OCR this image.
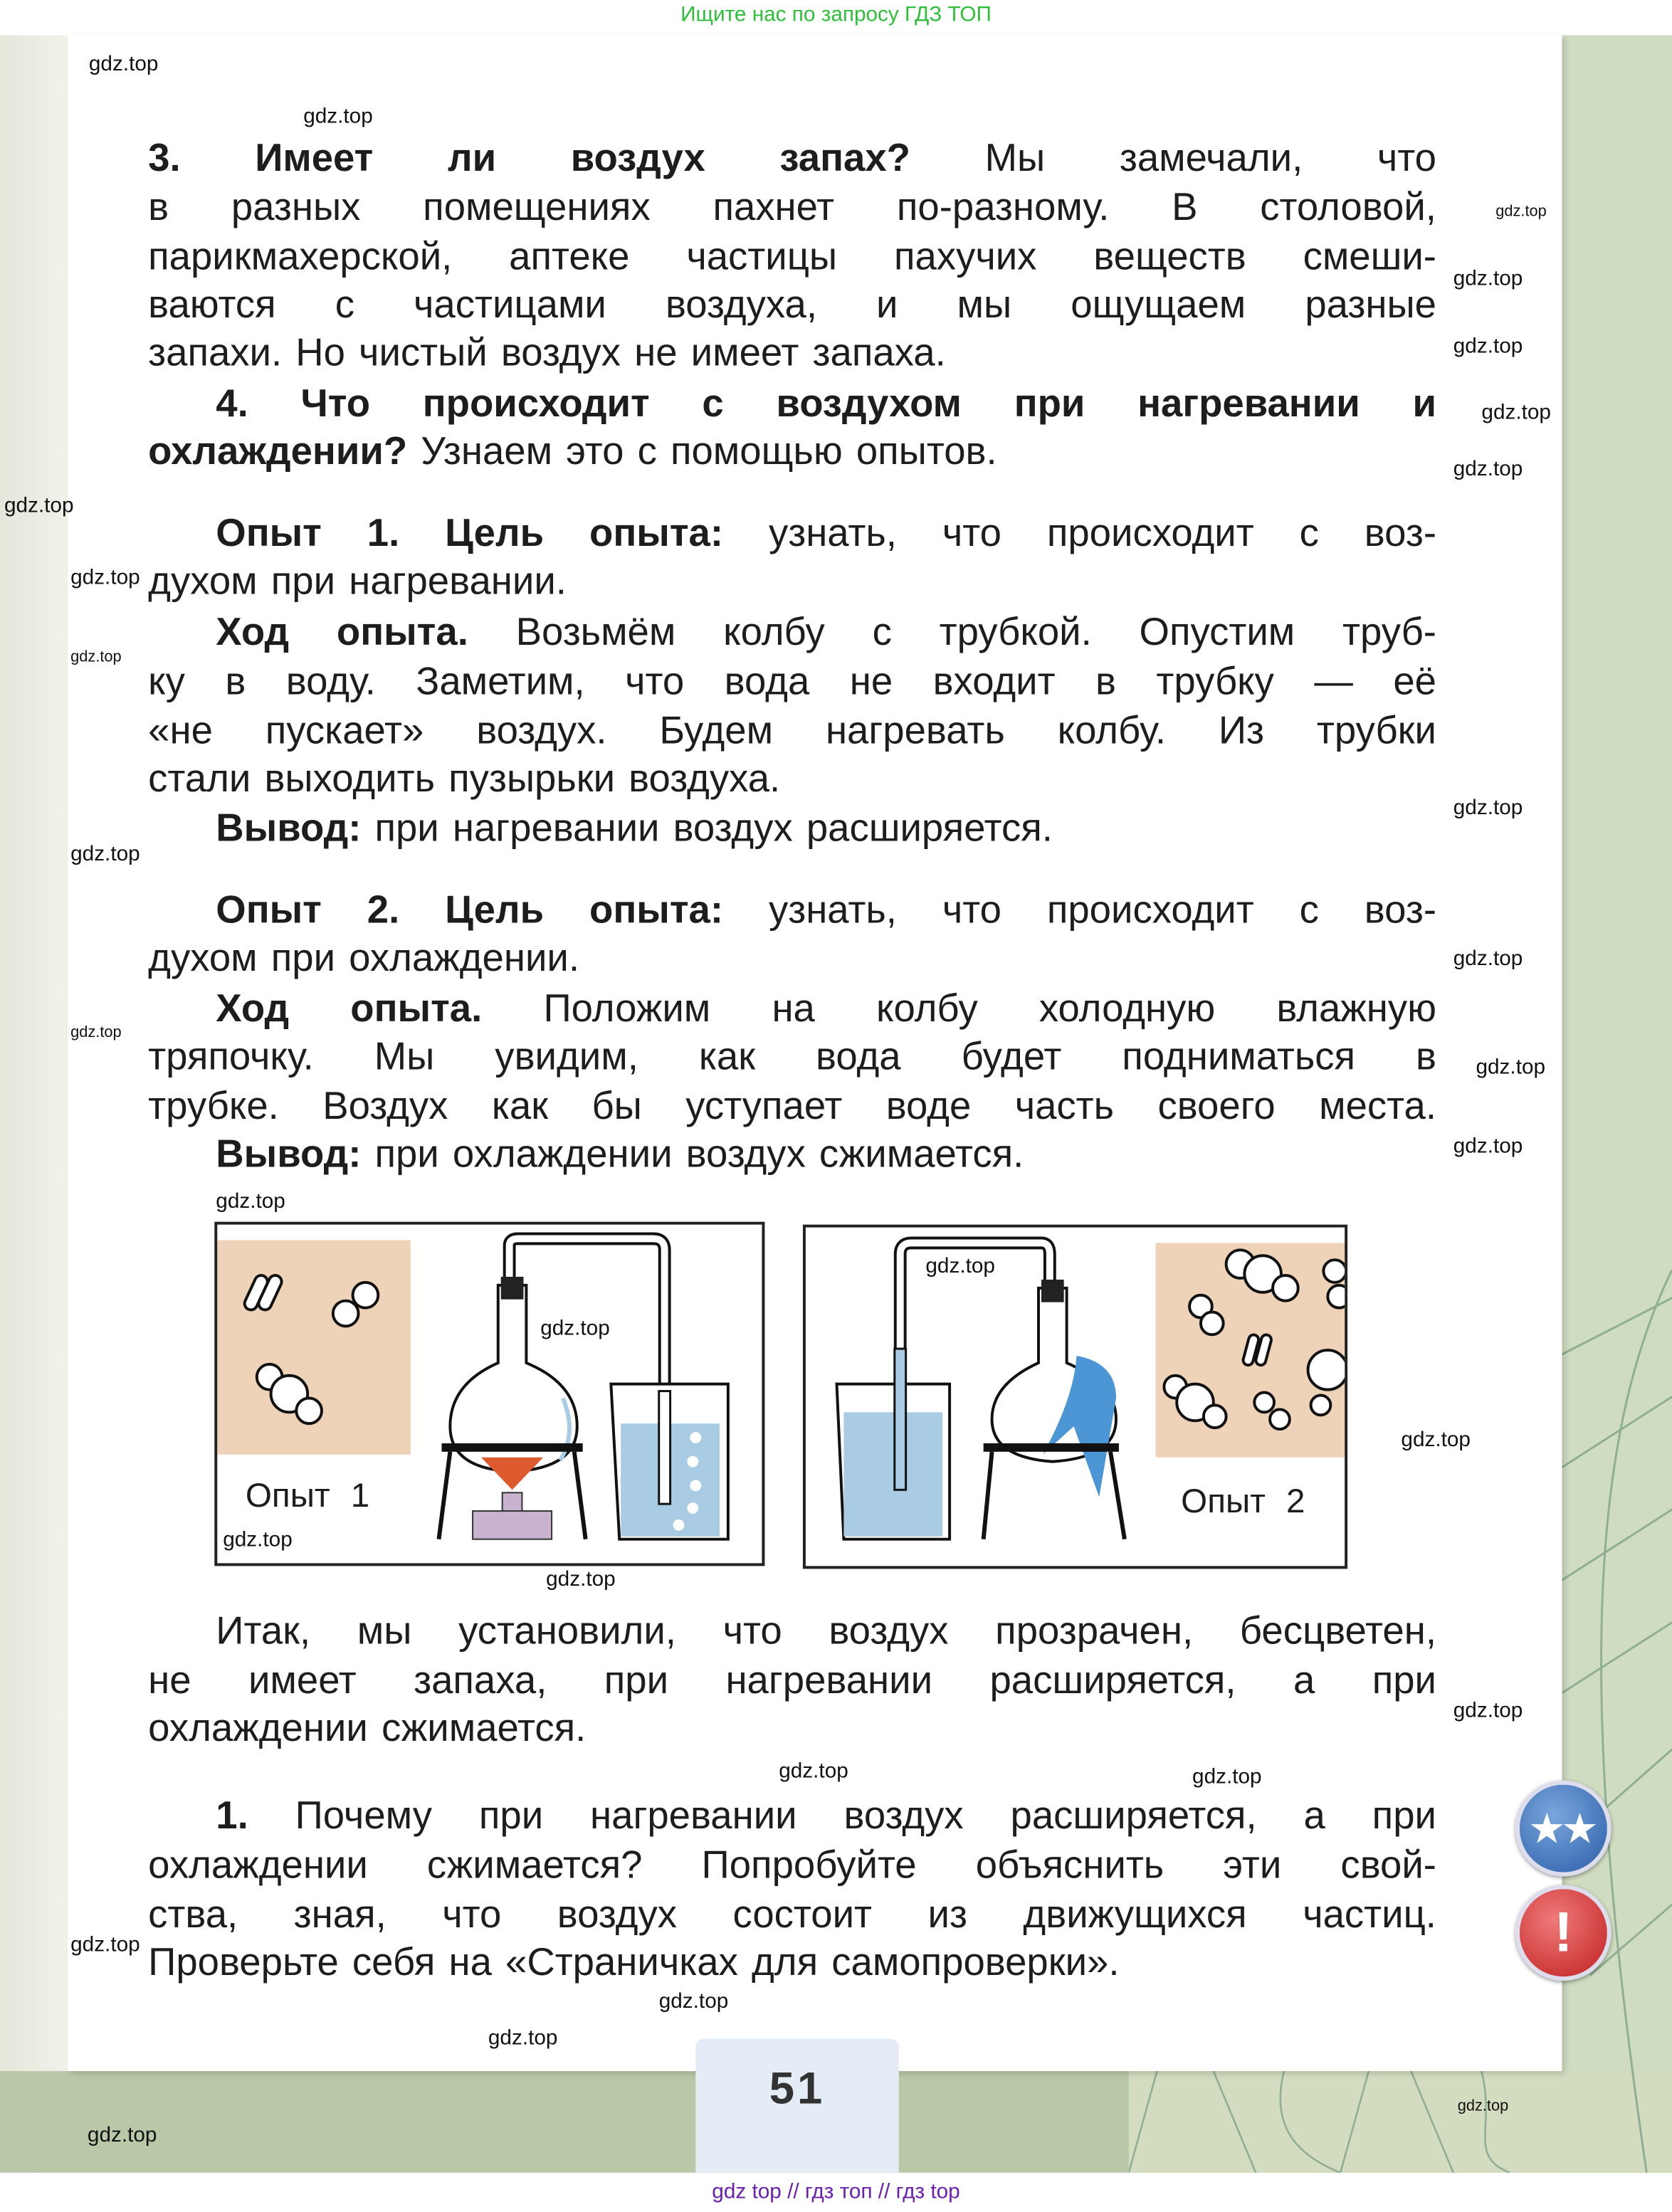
Ищите нас по запросу ГДЗ ТОП
3. Имеет ли воздух запах? Мы замечали, что
в разных помещениях пахнет по-разному. В столовой,
парикмахерской, аптеке частицы пахучих веществ смеши-
ваются с частицами воздуха, и мы ощущаем разные
запахи. Но чистый воздух не имеет запаха.
4. Что происходит с воздухом при нагревании и
охлаждении? Узнаем это с помощью опытов.
Опыт 1. Цель опыта: узнать, что происходит с воз-
духом при нагревании.
Ход опыта. Возьмём колбу с трубкой. Опустим труб-
ку в воду. Заметим, что вода не входит в трубку — её
«не пускает» воздух. Будем нагревать колбу. Из трубки
стали выходить пузырьки воздуха.
Вывод: при нагревании воздух расширяется.
Опыт 2. Цель опыта: узнать, что происходит с воз-
духом при охлаждении.
Ход опыта. Положим на колбу холодную влажную
тряпочку. Мы увидим, как вода будет подниматься в
трубке. Воздух как бы уступает воде часть своего места.
Вывод: при охлаждении воздух сжимается.
Итак, мы установили, что воздух прозрачен, бесцветен,
не имеет запаха, при нагревании расширяется, а при
охлаждении сжимается.
1. Почему при нагревании воздух расширяется, а при
охлаждении сжимается? Попробуйте объяснить эти свой-
ства, зная, что воздух состоит из движущихся частиц.
Проверьте себя на «Страничках для самопроверки».
Опыт 1	Опыт 2
★★
!
51
gdz top // гдз топ // гдз top
gdz.top
gdz.top
gdz.top
gdz.top
gdz.top
gdz.top
gdz.top
gdz.top
gdz.top
gdz.top
gdz.top
gdz.top
gdz.top
gdz.top
gdz.top
gdz.top
gdz.top
gdz.top
gdz.top
gdz.top
gdz.top
gdz.top
gdz.top
gdz.top	gdz.top
gdz.top
gdz.top
gdz.top
gdz.top
gdz.top
